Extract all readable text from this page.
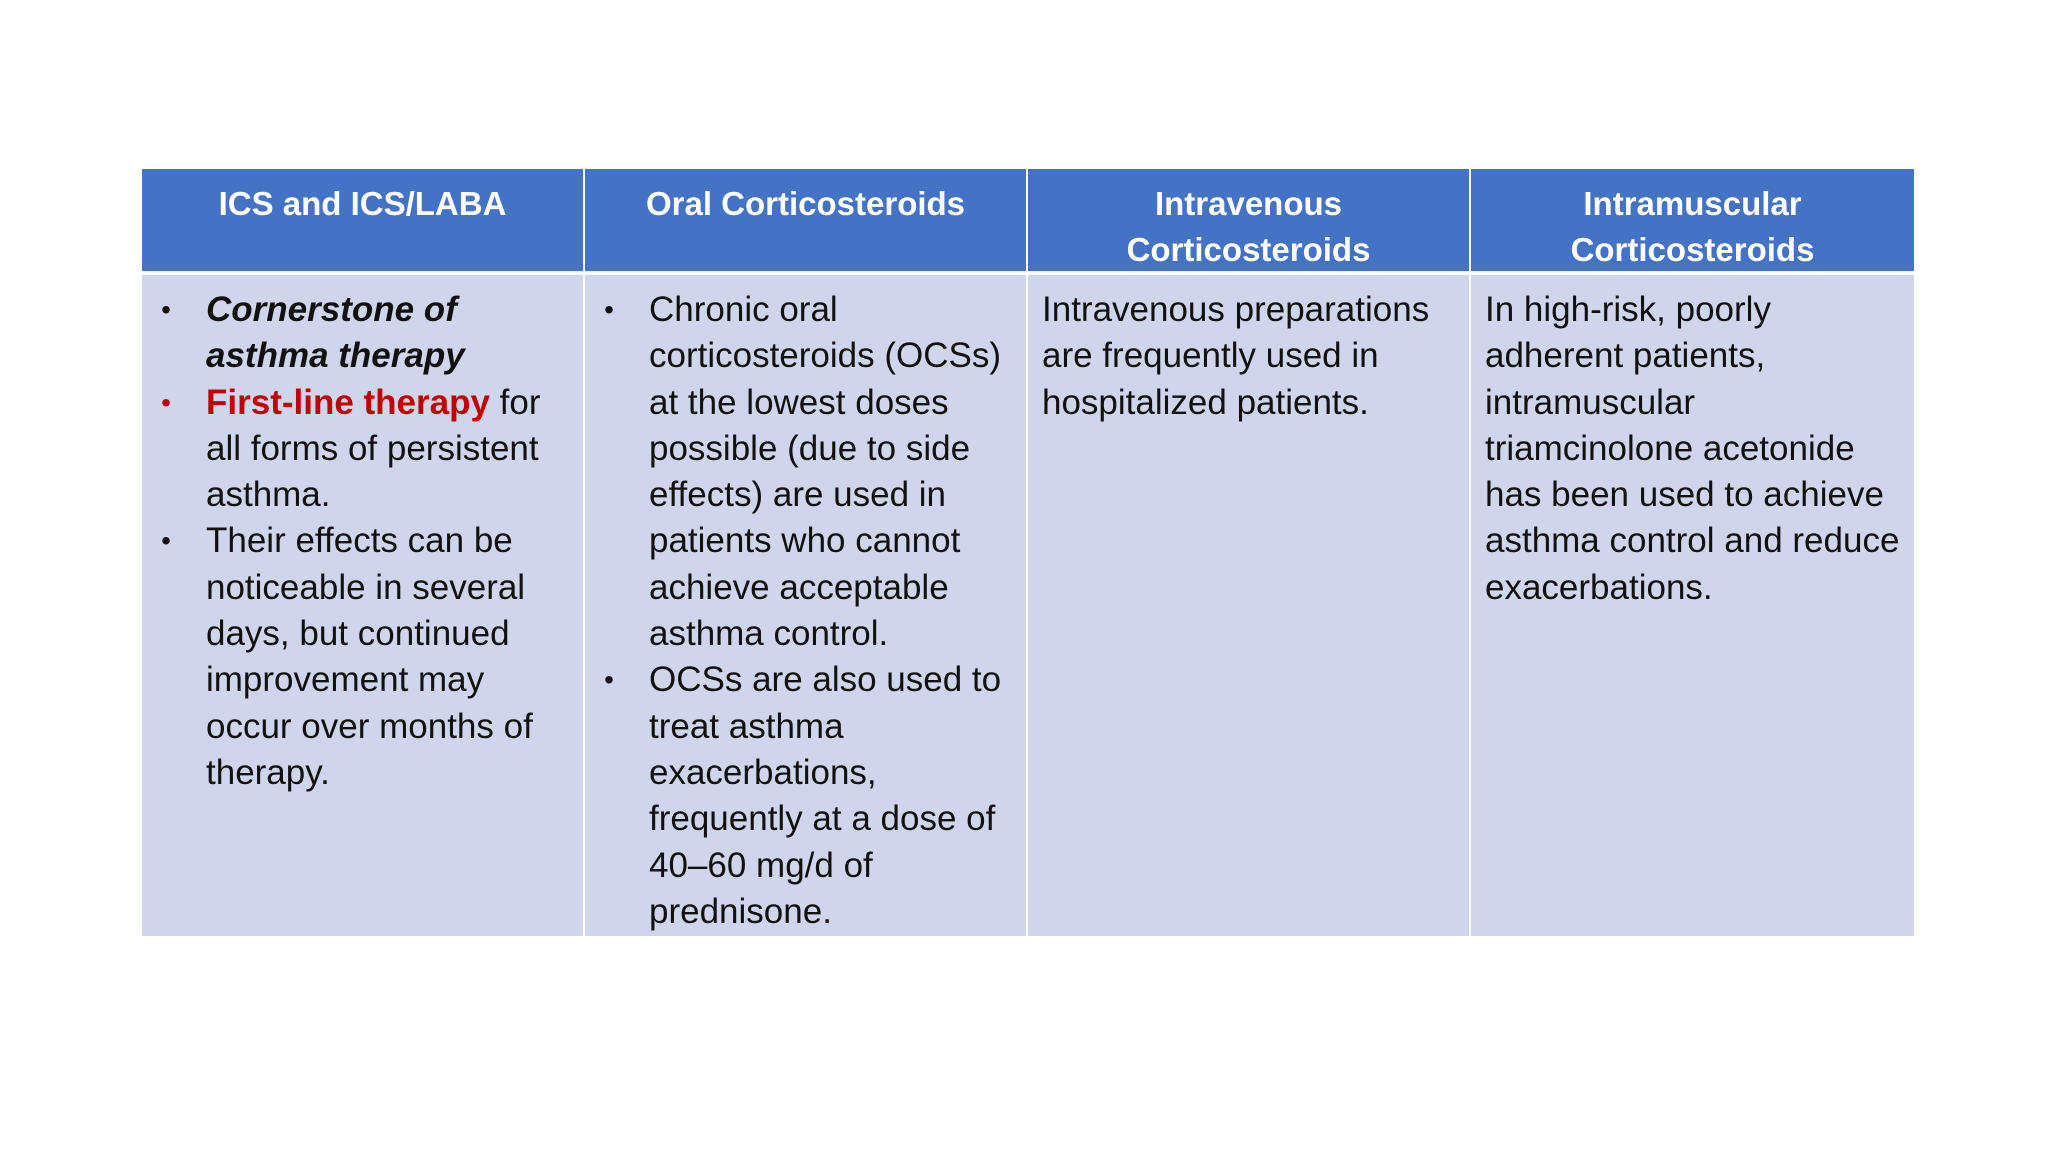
ICS and ICS/LABA	Oral Corticosteroids	Intravenous Corticosteroids
Intramuscular Corticosteroids
• Cornerstone of asthma therapy
• First-line therapy for all forms of persistent asthma.
• Their effects can be noticeable in several days, but continued improvement may occur over months of therapy.
• Chronic oral corticosteroids (OCSs) at the lowest doses possible (due to side effects) are used in patients who cannot achieve acceptable asthma control.
• OCSs are also used to treat asthma exacerbations, frequently at a dose of 40–60 mg/d of prednisone.

Intravenous preparations are frequently used in hospitalized patients.

In high-risk, poorly adherent patients, intramuscular triamcinolone acetonide has been used to achieve asthma control and reduce exacerbations.
